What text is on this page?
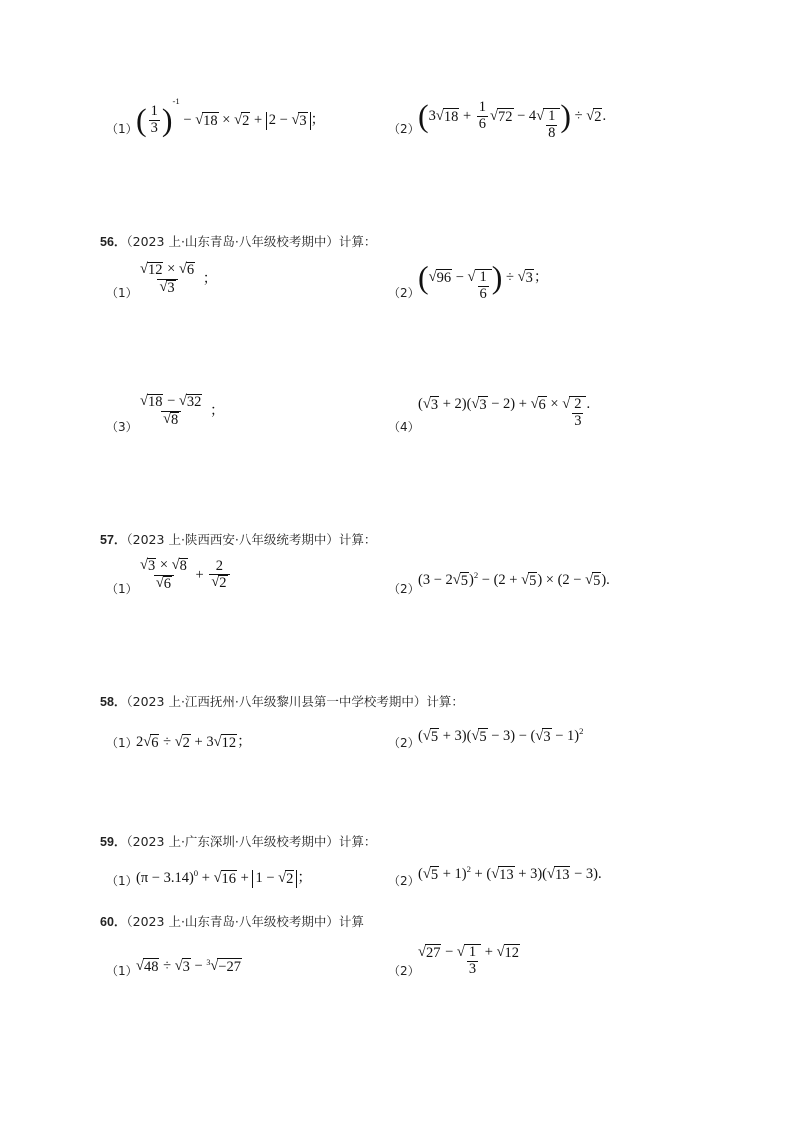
（1）
( $\frac{1}{3} )^{-1}$ − √ 18 × √ 2 + 2 − √ 3 ；
（2）
(3 √ $18 + \frac{1}{6}$ √ 72 − 4 √ $\frac{1}{8}$ ) ÷ √ 2 .
56．（2023 上·山东青岛·八年级校考期中）计算：
$(1) \frac{√ 12 \times √ 6}{√ 3}$ ；
（2）
( √ 96 − √ $\frac{1}{6}$ ) ÷ √ 3 ；
$(3) \frac{√ 18 - √ 32}{√ 8}$ ；
（4）
( √ 3 + 2)( √ 3 − 2) + √ 6 × √ $\frac{2}{3}$ .
57．（2023 上·陕西西安·八年级统考期中）计算：
$(1) \frac{√ 3 \times √ 8}{√ 6} + \frac{2}{√ 2}$	（2）
(3 − 2 √ 5 )$^2$ − (2 + √ 5 ) × (2 − √ 5 ).
58．（2023 上·江西抚州·八年级黎川县第一中学校考期中）计算：
（1）
2 √ 6 ÷ √ 2 + 3 √ 12 ；	（2）
( √ 5 + 3)( √ 5 − 3) − ( √ 3 − 1)$^2$
59．（2023 上·广东深圳·八年级校考期中）计算：
（1）
$(\pi - 3.14)^0$ + √ 16 + 1 − √ 2 ；	（2）
( √ 5 + 1)$^2$ + ( √ 13 + 3)( √ 13 − 3).
60．（2023 上·山东青岛·八年级校考期中）计算
（1）
√ 48 ÷ √ 3 − $^3$√ −27	（2）
√ 27 − √ $\frac{1}{3}$ + √ 12
